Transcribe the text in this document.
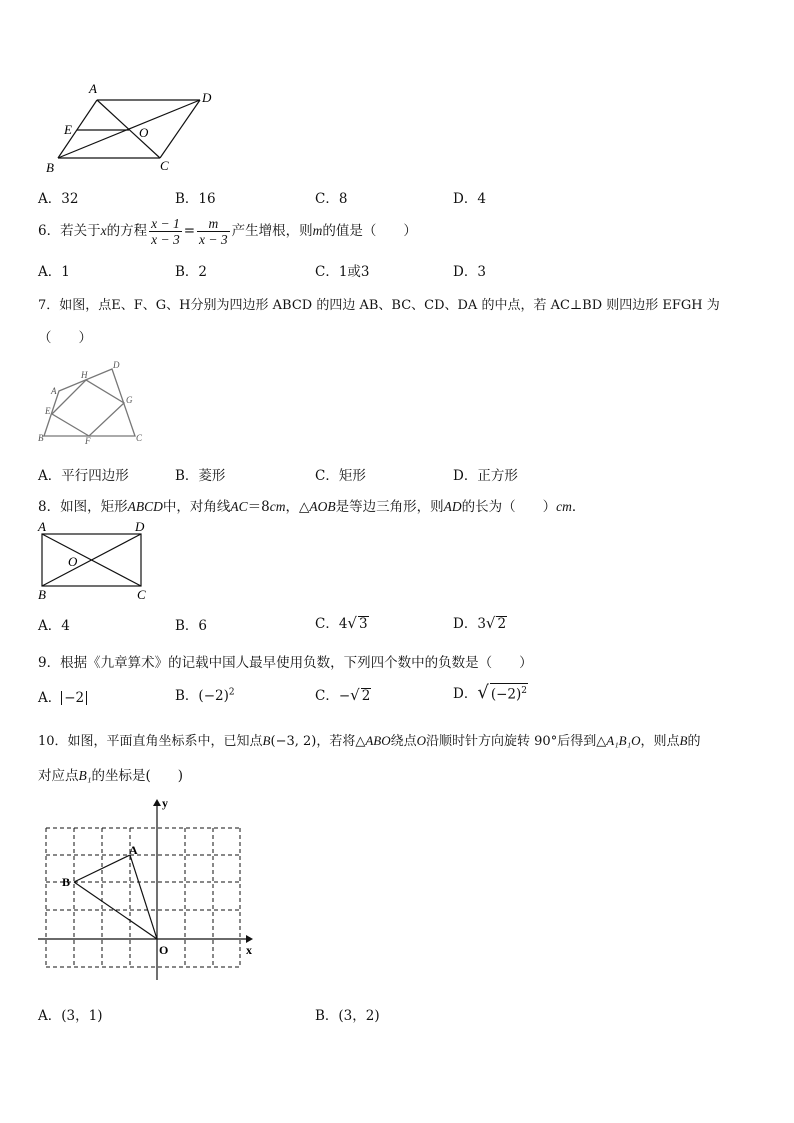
A
D
E	O
B	C
A．32	B．16	C．8	D．4
6．若关于x的方程 $\frac{x - 1}{x - 3} = \frac{m}{x - 3}$ 产生增根，则m的值是（　　）
A．1	B．2	C．1或3	D．3
7．如图，点E、F、G、H分别为四边形 ABCD 的四边 AB、BC、CD、DA 的中点，若 AC⊥BD 则四边形 EFGH 为
（　　）
A
H
D
E
G
B	F	C
A．平行四边形	B．菱形	C．矩形	D．正方形
8．如图，矩形ABCD中，对角线AC＝8cm，△AOB是等边三角形，则AD的长为（　　）cm．
A	D
O
B	C
A．4	B．6	C．4√ 3	D．3√ 2
9．根据《九章算术》的记载中国人最早使用负数，下列四个数中的负数是（　　）
A． −2	B．$(-2)^2$	C．−√ 2	D．√ $(-2)^2$
10．如图，平面直角坐标系中，已知点B(−3, 2)，若将△ABO绕点O沿顺时针方向旋转 90°后得到△A₁B₁O，则点B的
对应点B₁的坐标是(　　)
y
x
A
B
O
A．(3，1)	B．(3，2)
